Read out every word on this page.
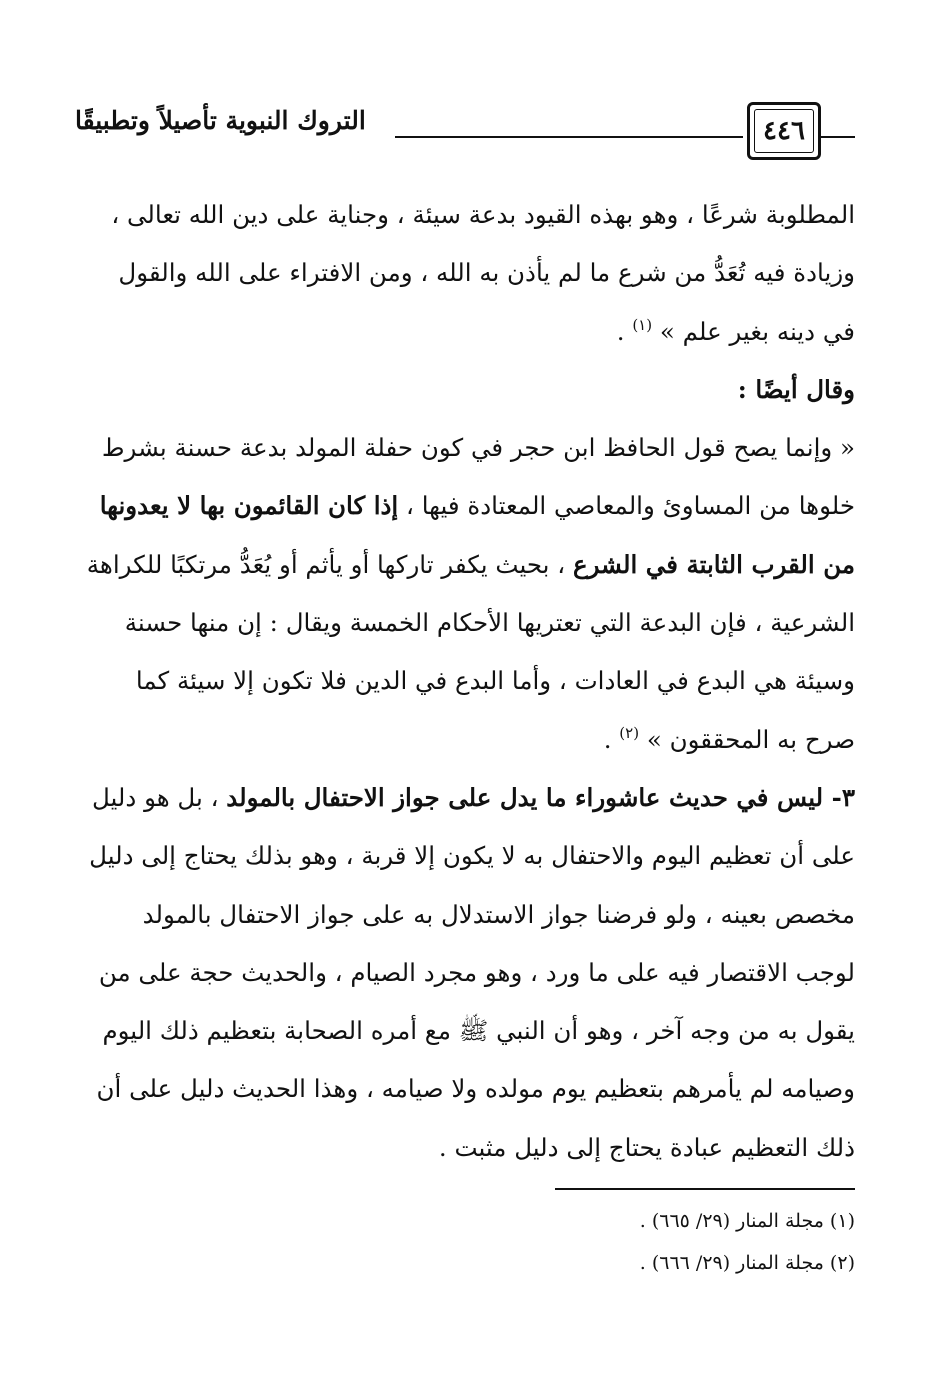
التروك النبوية تأصيلاً وتطبيقًا	٤٤٦

المطلوبة شرعًا ، وهو بهذه القيود بدعة سيئة ، وجناية على دين الله تعالى ، وزيادة فيه تُعَدُّ من شرع ما لم يأذن به الله ، ومن الافتراء على الله والقول في دينه بغير علم » $^{(١)}$ .

وقال أيضًا :

« وإنما يصح قول الحافظ ابن حجر في كون حفلة المولد بدعة حسنة بشرط خلوها من المساوئ والمعاصي المعتادة فيها ، إذا كان القائمون بها لا يعدونها من القرب الثابتة في الشرع ، بحيث يكفر تاركها أو يأثم أو يُعَدُّ مرتكبًا للكراهة الشرعية ، فإن البدعة التي تعتريها الأحكام الخمسة ويقال : إن منها حسنة وسيئة هي البدع في العادات ، وأما البدع في الدين فلا تكون إلا سيئة كما صرح به المحققون » $^{(٢)}$ .

٣- ليس في حديث عاشوراء ما يدل على جواز الاحتفال بالمولد ، بل هو دليل على أن تعظيم اليوم والاحتفال به لا يكون إلا قربة ، وهو بذلك يحتاج إلى دليل مخصص بعينه ، ولو فرضنا جواز الاستدلال به على جواز الاحتفال بالمولد لوجب الاقتصار فيه على ما ورد ، وهو مجرد الصيام ، والحديث حجة على من يقول به من وجه آخر ، وهو أن النبي ﷺ مع أمره الصحابة بتعظيم ذلك اليوم وصيامه لم يأمرهم بتعظيم يوم مولده ولا صيامه ، وهذا الحديث دليل على أن ذلك التعظيم عبادة يحتاج إلى دليل مثبت .

(١) مجلة المنار (٢٩/ ٦٦٥) .
(٢) مجلة المنار (٢٩/ ٦٦٦) .
